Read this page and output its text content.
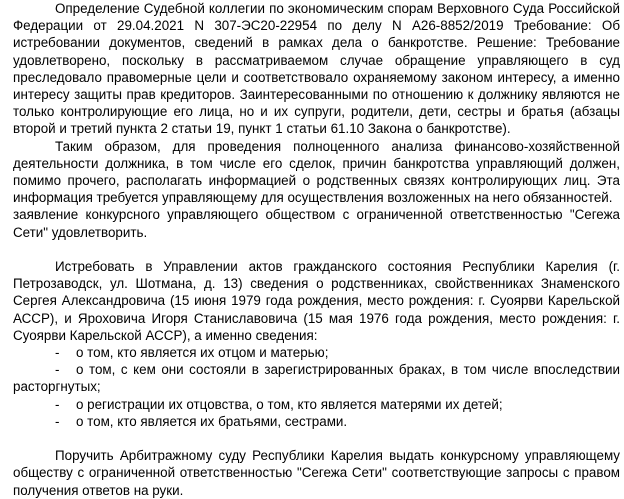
Определение Судебной коллегии по экономическим спорам Верховного Суда Российской Федерации от 29.04.2021 N 307-ЭС20-22954 по делу N А26-8852/2019 Требование: Об истребовании документов, сведений в рамках дела о банкротстве. Решение: Требование удовлетворено, поскольку в рассматриваемом случае обращение управляющего в суд преследовало правомерные цели и соответствовало охраняемому законом интересу, а именно интересу защиты прав кредиторов. Заинтересованными по отношению к должнику являются не только контролирующие его лица, но и их супруги, родители, дети, сестры и братья (абзацы второй и третий пункта 2 статьи 19, пункт 1 статьи 61.10 Закона о банкротстве).

Таким образом, для проведения полноценного анализа финансово-хозяйственной деятельности должника, в том числе его сделок, причин банкротства управляющий должен, помимо прочего, располагать информацией о родственных связях контролирующих лиц. Эта информация требуется управляющему для осуществления возложенных на него обязанностей.

заявление конкурсного управляющего обществом с ограниченной ответственностью "Сегежа Сети" удовлетворить.

Истребовать в Управлении актов гражданского состояния Республики Карелия (г. Петрозаводск, ул. Шотмана, д. 13) сведения о родственниках, свойственниках Знаменского Сергея Александровича (15 июня 1979 года рождения, место рождения: г. Суоярви Карельской АССР), и Яроховича Игоря Станиславовича (15 мая 1976 года рождения, место рождения: г. Суоярви Карельской АССР), а именно сведения:

-	о том, кто является их отцом и матерью;

- о том, с кем они состояли в зарегистрированных браках, в том числе впоследствии расторгнутых;

-	о регистрации их отцовства, о том, кто является матерями их детей;
-	о том, кто является их братьями, сестрами.

Поручить Арбитражному суду Республики Карелия выдать конкурсному управляющему обществу с ограниченной ответственностью "Сегежа Сети" соответствующие запросы с правом получения ответов на руки.
